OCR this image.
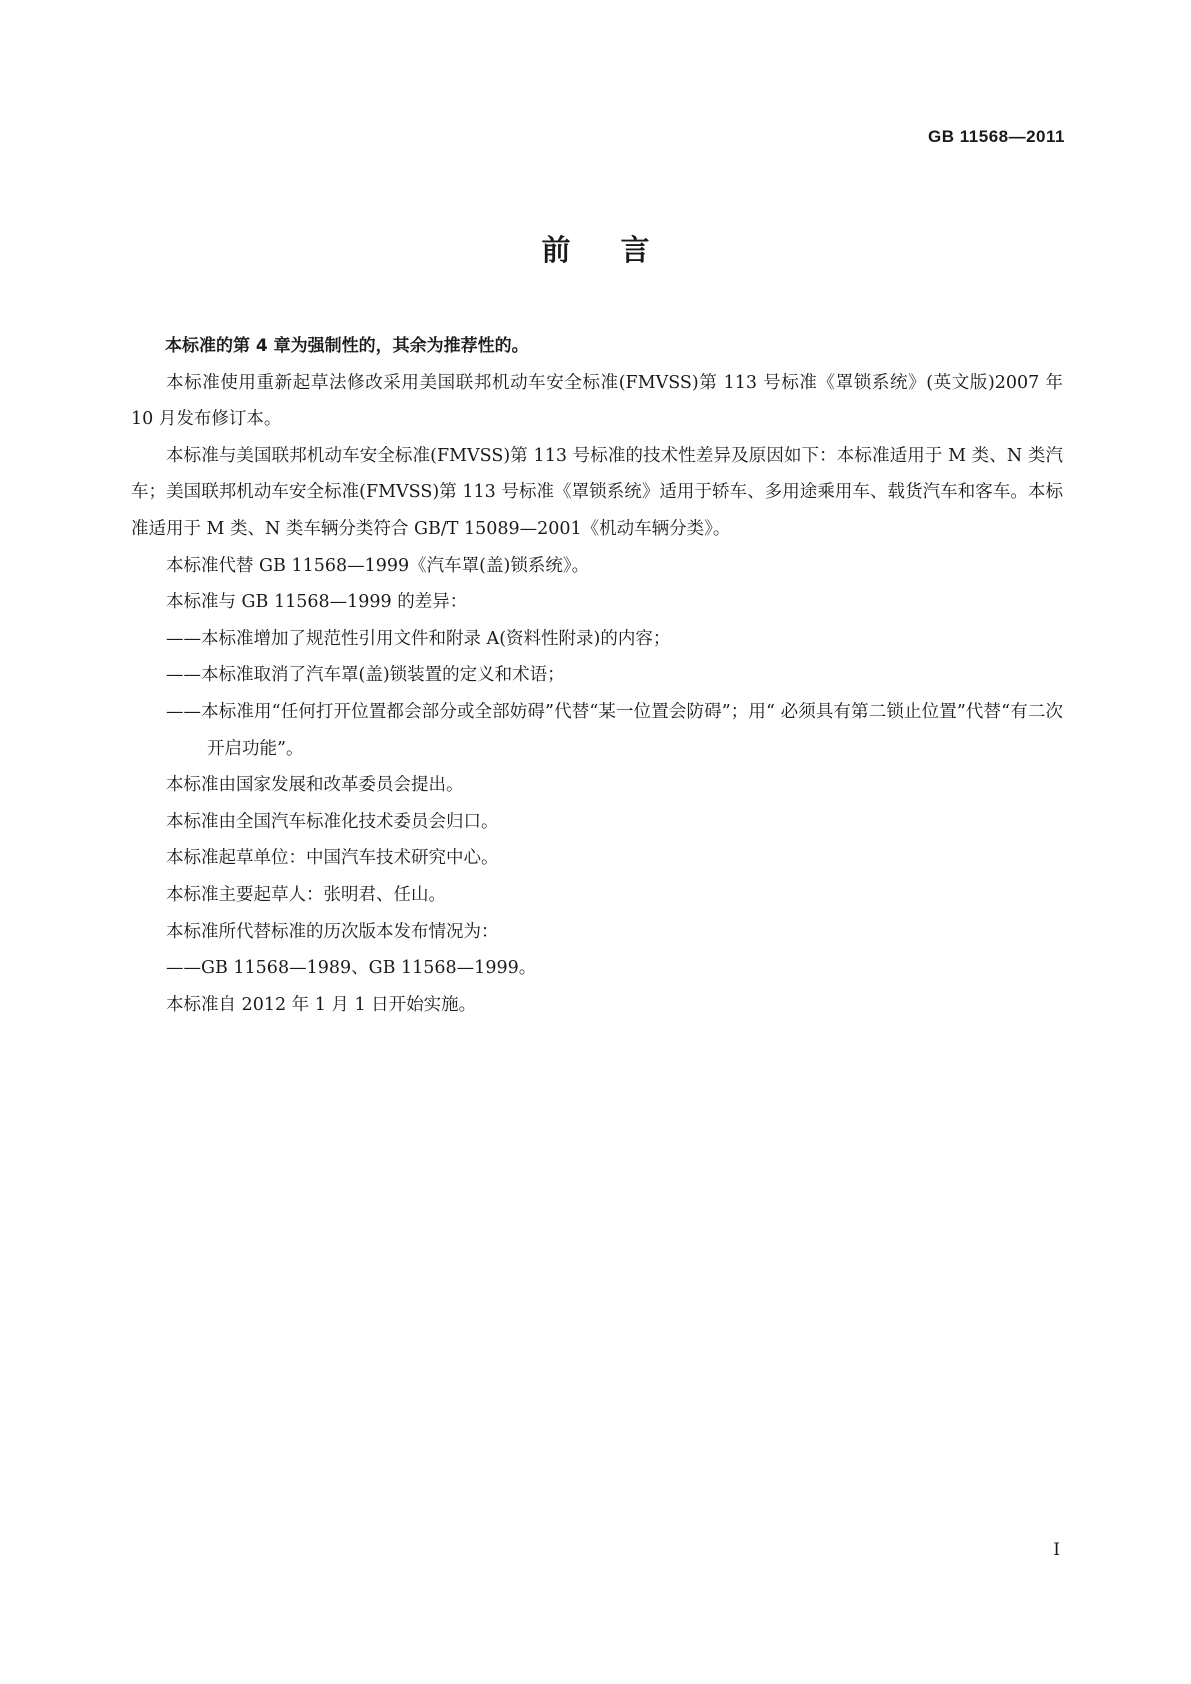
GB 11568—2011
前言

本标准的第 4 章为强制性的，其余为推荐性的。

本标准使用重新起草法修改采用美国联邦机动车安全标准(FMVSS)第 113 号标准《罩锁系统》(英文版)2007 年 10 月发布修订本。

本标准与美国联邦机动车安全标准(FMVSS)第 113 号标准的技术性差异及原因如下：本标准适用于 M 类、N 类汽车；美国联邦机动车安全标准(FMVSS)第 113 号标准《罩锁系统》适用于轿车、多用途乘用车、载货汽车和客车。本标准适用于 M 类、N 类车辆分类符合 GB/T 15089—2001《机动车辆分类》。

本标准代替 GB 11568—1999《汽车罩(盖)锁系统》。

本标准与 GB 11568—1999 的差异：

——本标准增加了规范性引用文件和附录 A(资料性附录)的内容；

——本标准取消了汽车罩(盖)锁装置的定义和术语；

——本标准用“任何打开位置都会部分或全部妨碍”代替“某一位置会防碍”；用“ 必须具有第二锁止位置”代替“有二次开启功能”。

本标准由国家发展和改革委员会提出。

本标准由全国汽车标准化技术委员会归口。

本标准起草单位：中国汽车技术研究中心。

本标准主要起草人：张明君、任山。

本标准所代替标准的历次版本发布情况为：

——GB 11568—1989、GB 11568—1999。

本标准自 2012 年 1 月 1 日开始实施。

I
